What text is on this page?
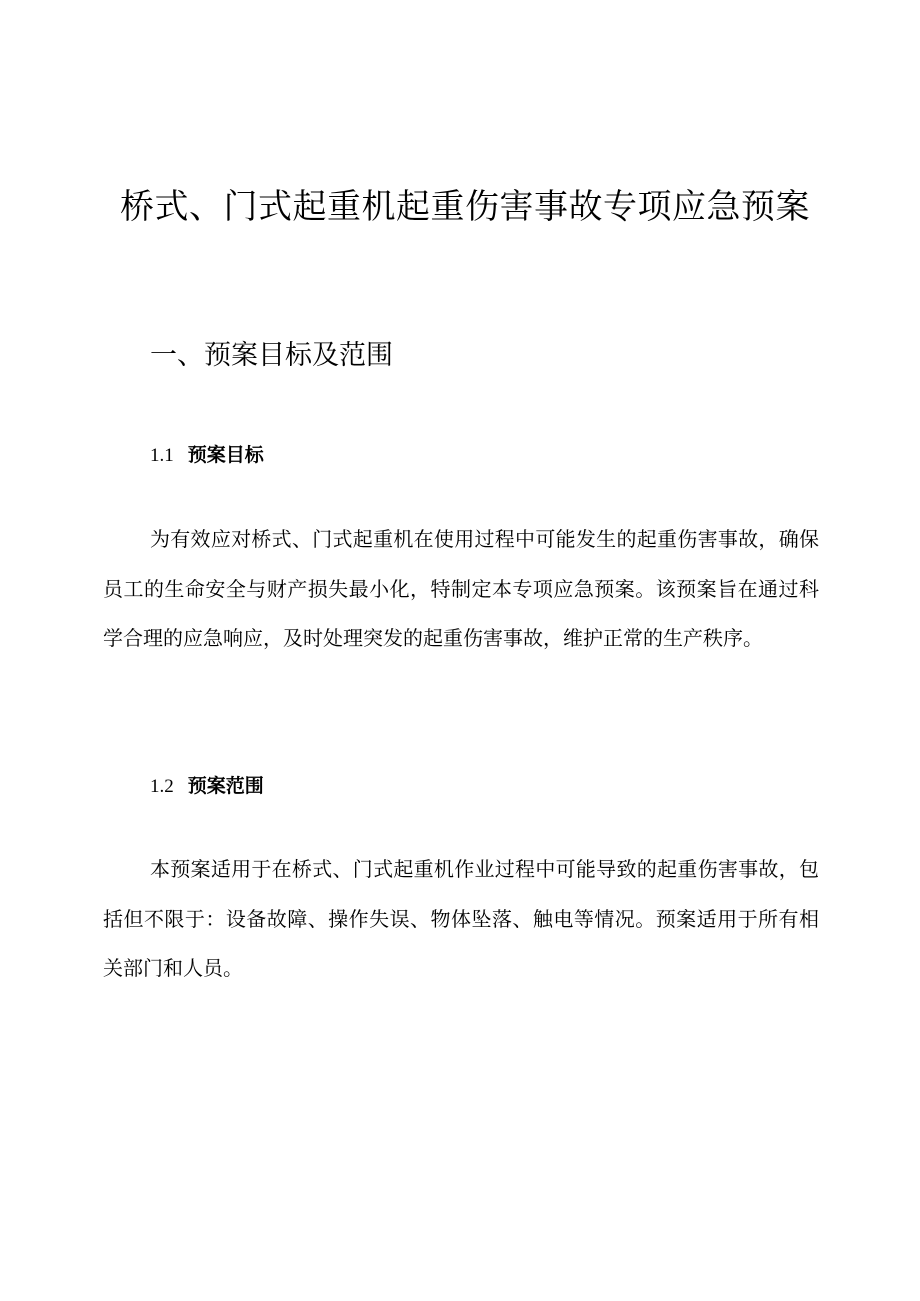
桥式、门式起重机起重伤害事故专项应急预案
一、预案目标及范围
1.1 预案目标

为有效应对桥式、门式起重机在使用过程中可能发生的起重伤害事故，确保员工的生命安全与财产损失最小化，特制定本专项应急预案。该预案旨在通过科学合理的应急响应，及时处理突发的起重伤害事故，维护正常的生产秩序。

1.2 预案范围

本预案适用于在桥式、门式起重机作业过程中可能导致的起重伤害事故，包括但不限于：设备故障、操作失误、物体坠落、触电等情况。预案适用于所有相关部门和人员。
